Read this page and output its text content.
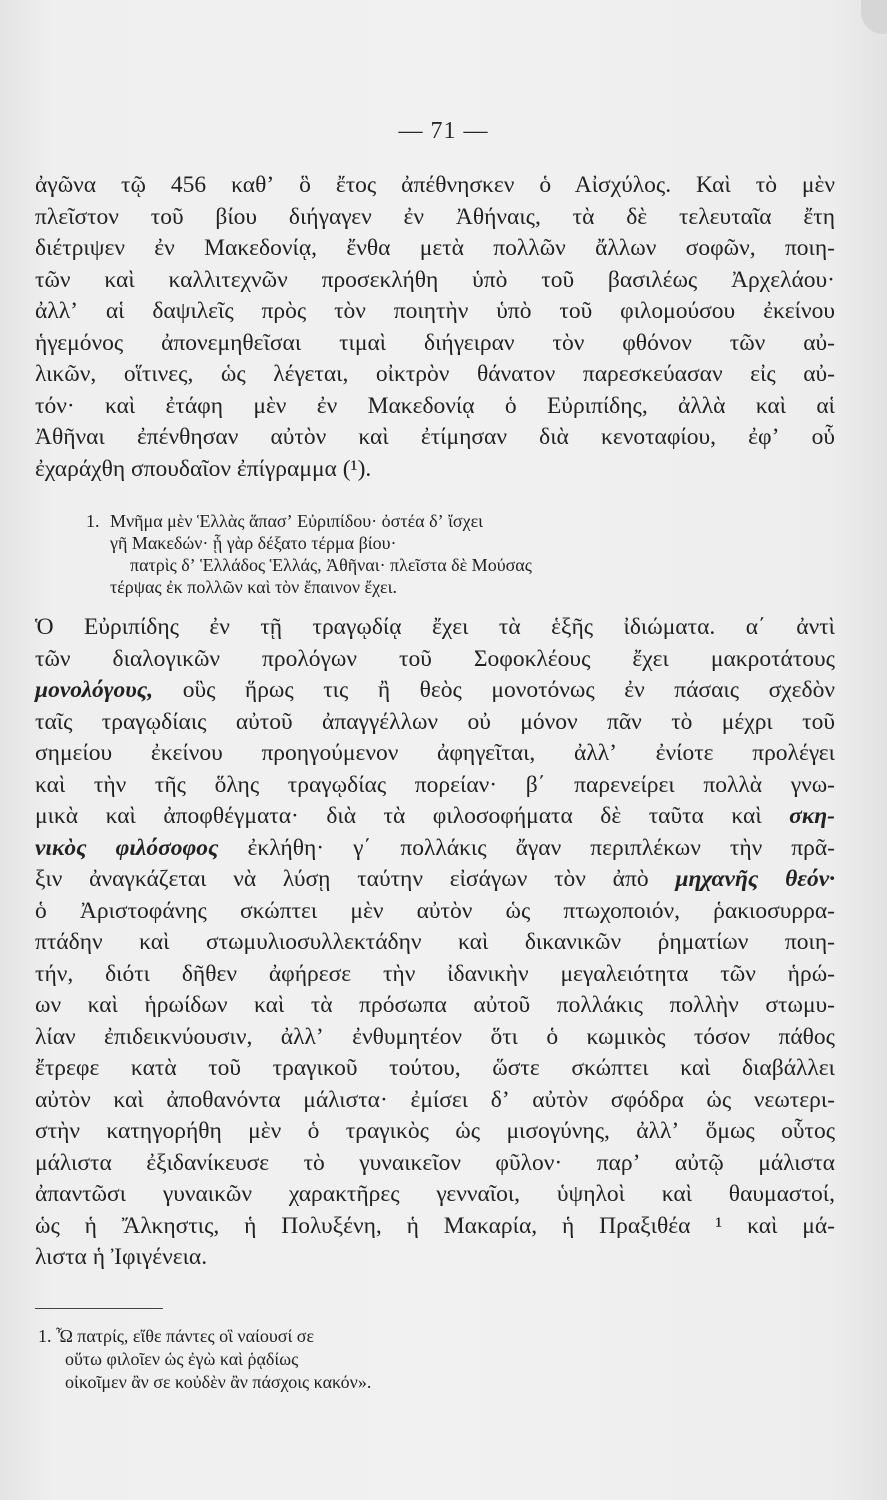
— 71 —
ἀγῶνα τῷ 456 καθʼ ὃ ἔτος ἀπέθνησκεν ὁ Αἰσχύλος. Καὶ τὸ μὲν
πλεῖστον τοῦ βίου διήγαγεν ἐν Ἀθήναις, τὰ δὲ τελευταῖα ἔτη
διέτριψεν ἐν Μακεδονίᾳ, ἔνθα μετὰ πολλῶν ἄλλων σοφῶν, ποιη-
τῶν καὶ καλλιτεχνῶν προσεκλήθη ὑπὸ τοῦ βασιλέως Ἀρχελάου·
ἀλλʼ αἱ δαψιλεῖς πρὸς τὸν ποιητὴν ὑπὸ τοῦ φιλομούσου ἐκείνου
ἡγεμόνος ἀπονεμηθεῖσαι τιμαὶ διήγειραν τὸν φθόνον τῶν αὐ-
λικῶν, οἵτινες, ὡς λέγεται, οἰκτρὸν θάνατον παρεσκεύασαν εἰς αὐ-
τόν· καὶ ἐτάφη μὲν ἐν Μακεδονίᾳ ὁ Εὐριπίδης, ἀλλὰ καὶ αἱ
Ἀθῆναι ἐπένθησαν αὐτὸν καὶ ἐτίμησαν διὰ κενοταφίου, ἐφʼ οὗ
ἐχαράχθη σπουδαῖον ἐπίγραμμα (¹).
1. Μνῆμα μὲν Ἑλλὰς ἅπασʼ Εὐριπίδου· ὀστέα δʼ ἴσχει
γῆ Μακεδών· ᾗ γὰρ δέξατο τέρμα βίου·
πατρὶς δʼ Ἑλλάδος Ἑλλάς, Ἀθῆναι· πλεῖστα δὲ Μούσας
τέρψας ἐκ πολλῶν καὶ τὸν ἔπαινον ἔχει.
Ὁ Εὐριπίδης ἐν τῇ τραγῳδίᾳ ἔχει τὰ ἑξῆς ἰδιώματα. α΄ ἀντὶ
τῶν διαλογικῶν προλόγων τοῦ Σοφοκλέους ἔχει μακροτάτους
μονολόγους, οὓς ἥρως τις ἢ θεὸς μονοτόνως ἐν πάσαις σχεδὸν
ταῖς τραγῳδίαις αὐτοῦ ἀπαγγέλλων οὐ μόνον πᾶν τὸ μέχρι τοῦ
σημείου ἐκείνου προηγούμενον ἀφηγεῖται, ἀλλʼ ἐνίοτε προλέγει
καὶ τὴν τῆς ὅλης τραγῳδίας πορείαν· β΄ παρενείρει πολλὰ γνω-
μικὰ καὶ ἀποφθέγματα· διὰ τὰ φιλοσοφήματα δὲ ταῦτα καὶ σκη-
νικὸς φιλόσοφος ἐκλήθη· γ΄ πολλάκις ἄγαν περιπλέκων τὴν πρᾶ-
ξιν ἀναγκάζεται νὰ λύσῃ ταύτην εἰσάγων τὸν ἀπὸ μηχανῆς θεόν·
ὁ Ἀριστοφάνης σκώπτει μὲν αὐτὸν ὡς πτωχοποιόν, ῥακιοσυρρα-
πτάδην καὶ στωμυλιοσυλλεκτάδην καὶ δικανικῶν ῥηματίων ποιη-
τήν, διότι δῆθεν ἀφήρεσε τὴν ἰδανικὴν μεγαλειότητα τῶν ἡρώ-
ων καὶ ἡρωίδων καὶ τὰ πρόσωπα αὐτοῦ πολλάκις πολλὴν στωμυ-
λίαν ἐπιδεικνύουσιν, ἀλλʼ ἐνθυμητέον ὅτι ὁ κωμικὸς τόσον πάθος
ἔτρεφε κατὰ τοῦ τραγικοῦ τούτου, ὥστε σκώπτει καὶ διαβάλλει
αὐτὸν καὶ ἀποθανόντα μάλιστα· ἐμίσει δʼ αὐτὸν σφόδρα ὡς νεωτερι-
στὴν κατηγορήθη μὲν ὁ τραγικὸς ὡς μισογύνης, ἀλλʼ ὅμως οὗτος
μάλιστα ἐξιδανίκευσε τὸ γυναικεῖον φῦλον· παρʼ αὐτῷ μάλιστα
ἀπαντῶσι γυναικῶν χαρακτῆρες γενναῖοι, ὑψηλοὶ καὶ θαυμαστοί,
ὡς ἡ Ἄλκηστις, ἡ Πολυξένη, ἡ Μακαρία, ἡ Πραξιθέα ¹ καὶ μά-
λιστα ἡ Ἰφιγένεια.
1. Ὦ πατρίς, εἴθε πάντες οἳ ναίουσί σε
οὕτω φιλοῖεν ὡς ἐγὼ καὶ ῥᾳδίως
οἰκοῖμεν ἂν σε κοὐδὲν ἂν πάσχοις κακόν».
